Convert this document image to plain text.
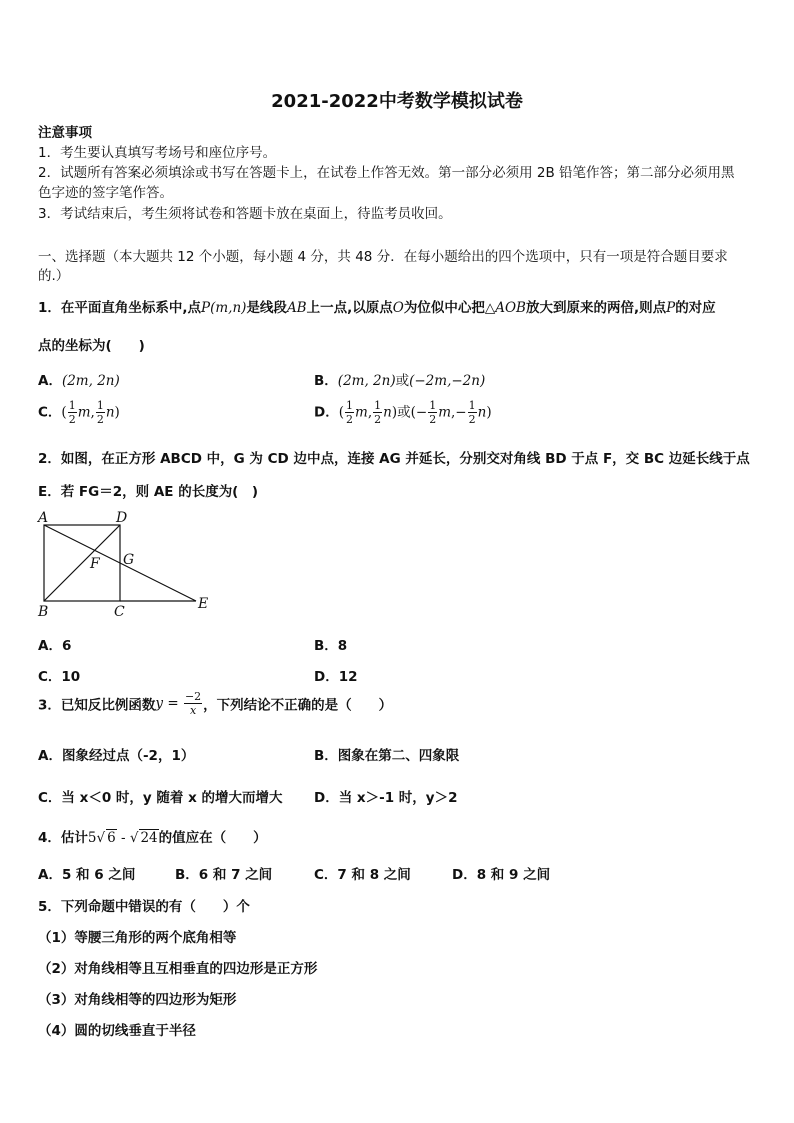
2021-2022中考数学模拟试卷
注意事项
1．考生要认真填写考场号和座位序号。
2．试题所有答案必须填涂或书写在答题卡上，在试卷上作答无效。第一部分必须用 2B 铅笔作答；第二部分必须用黑
色字迹的签字笔作答。
3．考试结束后，考生须将试卷和答题卡放在桌面上，待监考员收回。
一、选择题（本大题共 12 个小题，每小题 4 分，共 48 分．在每小题给出的四个选项中，只有一项是符合题目要求
的.）
1．在平面直角坐标系中,点P(m,n)是线段AB上一点,以原点O为位似中心把△AOB放大到原来的两倍,则点P的对应
点的坐标为(　　)
A．(2m, 2n)	B．(2m, 2n)或(−2m,−2n)
C．( $\frac{1}{2} m$, $\frac{1}{2} n$)	D．( $\frac{1}{2} m$, $\frac{1}{2} n$)或(− $\frac{1}{2} m,- \frac{1}{2} n$)
2．如图，在正方形 ABCD 中，G 为 CD 边中点，连接 AG 并延长，分别交对角线 BD 于点 F，交 BC 边延长线于点
E．若 FG＝2，则 AE 的长度为(　)
A	D
G
F
B	C	E
A．6	B．8
C．10	D．12
3．已知反比例函数$y = \frac{-2}{x}$ ，下列结论不正确的是（　　）
A．图象经过点（-2，1）	B．图象在第二、四象限
C．当 x＜0 时，y 随着 x 的增大而增大 D．当 x＞-1 时，y＞2
4．估计5√ 6 - √ 24的值应在（　　）
A．5 和 6 之间	B．6 和 7 之间	C．7 和 8 之间	D．8 和 9 之间
5．下列命题中错误的有（　　）个
（1）等腰三角形的两个底角相等
（2）对角线相等且互相垂直的四边形是正方形
（3）对角线相等的四边形为矩形
（4）圆的切线垂直于半径
